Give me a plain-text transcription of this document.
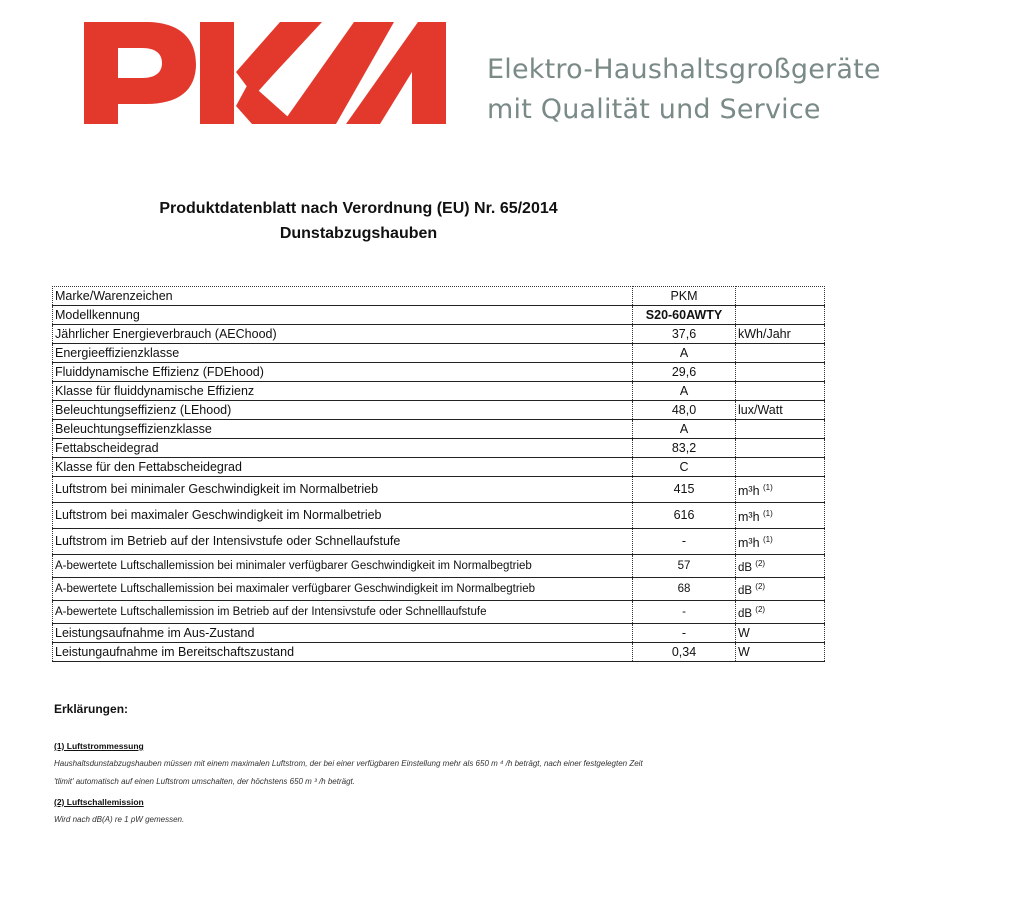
Elektro-Haushaltsgroßgeräte
mit Qualität und Service
Produktdatenblatt nach Verordnung (EU) Nr. 65/2014
Dunstabzugshauben
Marke/Warenzeichen	PKM	
Modellkennung	S20-60AWTY	
Jährlicher Energieverbrauch (AEChood)	37,6	kWh/Jahr
Energieeffizienzklasse	A	
Fluiddynamische Effizienz (FDEhood)	29,6	
Klasse für fluiddynamische Effizienz	A	
Beleuchtungseffizienz (LEhood)	48,0	lux/Watt
Beleuchtungseffizienzklasse	A	
Fettabscheidegrad	83,2	
Klasse für den Fettabscheidegrad	C	
Luftstrom bei minimaler Geschwindigkeit im Normalbetrieb	415	m³h $^{(1)}$
Luftstrom bei maximaler Geschwindigkeit im Normalbetrieb	616	m³h $^{(1)}$
Luftstrom im Betrieb auf der Intensivstufe oder Schnellaufstufe	-	m³h $^{(1)}$
A-bewertete Luftschallemission bei minimaler verfügbarer Geschwindigkeit im Normalbegtrieb	57	dB $^{(2)}$
A-bewertete Luftschallemission bei maximaler verfügbarer Geschwindigkeit im Normalbegtrieb	68	dB $^{(2)}$
A-bewertete Luftschallemission im Betrieb auf der Intensivstufe oder Schnelllaufstufe	-	dB $^{(2)}$
Leistungsaufnahme im Aus-Zustand	-	W
Leistungaufnahme im Bereitschaftszustand	0,34	W
Erklärungen:
(1) Luftstrommessung
Haushaltsdunstabzugshauben müssen mit einem maximalen Luftstrom, der bei einer verfügbaren Einstellung mehr als 650 m ⁴ /h beträgt, nach einer festgelegten Zeit
'tlimit' automatisch auf einen Luftstrom umschalten, der höchstens 650 m ³ /h beträgt.
(2) Luftschallemission
Wird nach dB(A) re 1 pW gemessen.
